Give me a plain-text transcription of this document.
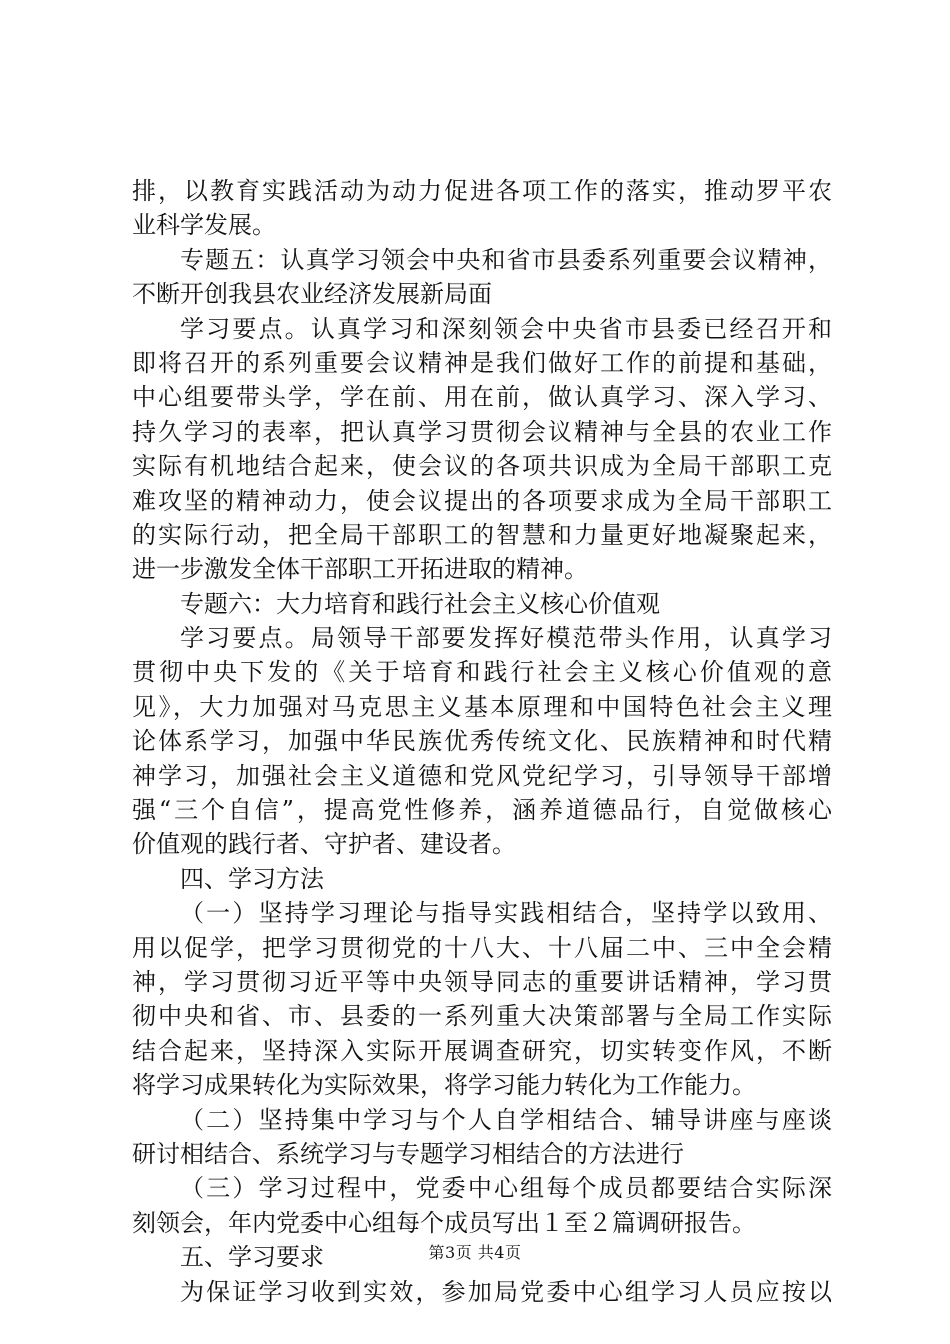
排，以教育实践活动为动力促进各项工作的落实，推动罗平农
业科学发展。
专题五：认真学习领会中央和省市县委系列重要会议精神，
不断开创我县农业经济发展新局面
学习要点。认真学习和深刻领会中央省市县委已经召开和
即将召开的系列重要会议精神是我们做好工作的前提和基础，
中心组要带头学，学在前、用在前，做认真学习、深入学习、
持久学习的表率，把认真学习贯彻会议精神与全县的农业工作
实际有机地结合起来，使会议的各项共识成为全局干部职工克
难攻坚的精神动力，使会议提出的各项要求成为全局干部职工
的实际行动，把全局干部职工的智慧和力量更好地凝聚起来，
进一步激发全体干部职工开拓进取的精神。
专题六：大力培育和践行社会主义核心价值观
学习要点。局领导干部要发挥好模范带头作用，认真学习
贯彻中央下发的《关于培育和践行社会主义核心价值观的意
见》，大力加强对马克思主义基本原理和中国特色社会主义理
论体系学习，加强中华民族优秀传统文化、民族精神和时代精
神学习，加强社会主义道德和党风党纪学习，引导领导干部增
强“三个自信”，提高党性修养，涵养道德品行，自觉做核心
价值观的践行者、守护者、建设者。
四、学习方法
（一）坚持学习理论与指导实践相结合，坚持学以致用、
用以促学，把学习贯彻党的十八大、十八届二中、三中全会精
神，学习贯彻习近平等中央领导同志的重要讲话精神，学习贯
彻中央和省、市、县委的一系列重大决策部署与全局工作实际
结合起来，坚持深入实际开展调查研究，切实转变作风，不断
将学习成果转化为实际效果，将学习能力转化为工作能力。
（二）坚持集中学习与个人自学相结合、辅导讲座与座谈
研讨相结合、系统学习与专题学习相结合的方法进行
（三）学习过程中，党委中心组每个成员都要结合实际深
刻领会，年内党委中心组每个成员写出１至２篇调研报告。
五、学习要求
为保证学习收到实效，参加局党委中心组学习人员应按以
第3页 共4页
